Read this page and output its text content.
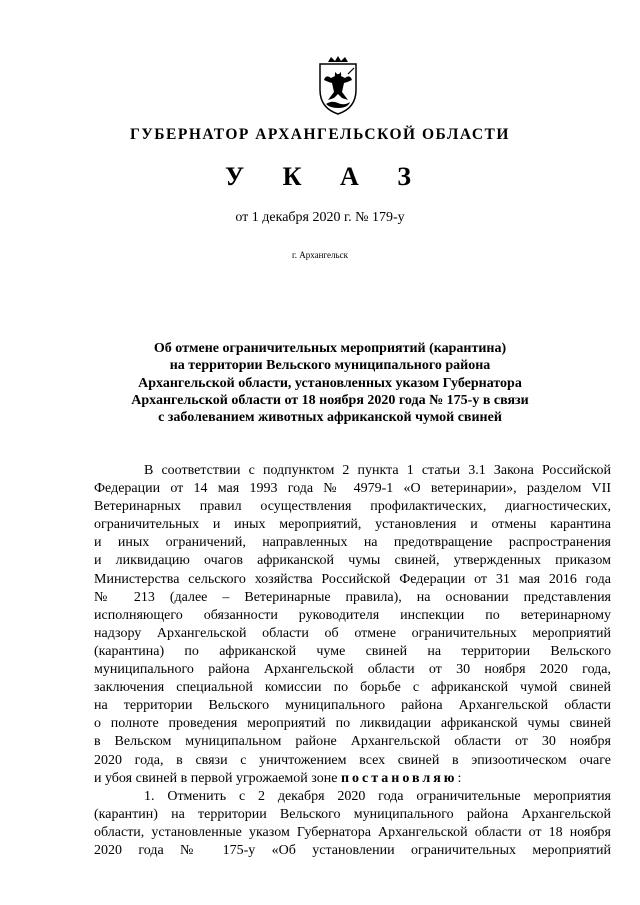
ГУБЕРНАТОР АРХАНГЕЛЬСКОЙ ОБЛАСТИ
У К А З
от 1 декабря 2020 г. № 179-у
г. Архангельск
Об отмене ограничительных мероприятий (карантина)
на территории Вельского муниципального района
Архангельской области, установленных указом Губернатора
Архангельской области от 18 ноября 2020 года № 175-у в связи
с заболеванием животных африканской чумой свиней
В соответствии с подпунктом 2 пункта 1 статьи 3.1 Закона Российской
Федерации от 14 мая 1993 года № 4979-1 «О ветеринарии», разделом VII
Ветеринарных правил осуществления профилактических, диагностических,
ограничительных и иных мероприятий, установления и отмены карантина
и иных ограничений, направленных на предотвращение распространения
и ликвидацию очагов африканской чумы свиней, утвержденных приказом
Министерства сельского хозяйства Российской Федерации от 31 мая 2016 года
№ 213 (далее – Ветеринарные правила), на основании представления
исполняющего обязанности руководителя инспекции по ветеринарному
надзору Архангельской области об отмене ограничительных мероприятий
(карантина) по африканской чуме свиней на территории Вельского
муниципального района Архангельской области от 30 ноября 2020 года,
заключения специальной комиссии по борьбе с африканской чумой свиней
на территории Вельского муниципального района Архангельской области
о полноте проведения мероприятий по ликвидации африканской чумы свиней
в Вельском муниципальном районе Архангельской области от 30 ноября
2020 года, в связи с уничтожением всех свиней в эпизоотическом очаге
и убоя свиней в первой угрожаемой зоне постановляю:
1. Отменить с 2 декабря 2020 года ограничительные мероприятия
(карантин) на территории Вельского муниципального района Архангельской
области, установленные указом Губернатора Архангельской области от 18 ноября
2020 года № 175-у «Об установлении ограничительных мероприятий
